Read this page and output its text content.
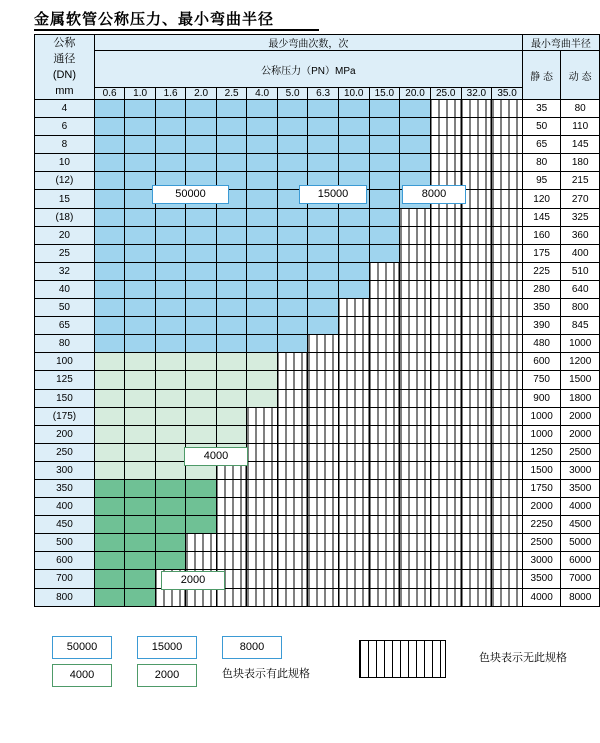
金属软管公称压力、最小弯曲半径
公称
通径
(DN)
mm	最少弯曲次数，次														最小弯曲半径	
	公称压力（PN）MPa														静 态	动 态
	0.6	1.0	1.6	2.0	2.5	4.0	5.0	6.3	10.0	15.0	20.0	25.0	32.0	35.0		
4															35	80
6															50	110
8															65	145
10															80	180
(12)															95	215
15															120	270
(18)															145	325
20															160	360
25															175	400
32															225	510
40															280	640
50															350	800
65															390	845
80															480	1000
100															600	1200
125															750	1500
150															900	1800
(175)															1000	2000
200															1000	2000
250															1250	2500
300															1500	3000
350															1750	3500
400															2000	4000
450															2250	4500
500															2500	5000
600															3000	6000
700															3500	7000
800															4000	8000
50000	15000	8000
4000
2000
50000	15000	8000
色块表示无此规格
4000	2000	色块表示有此规格
